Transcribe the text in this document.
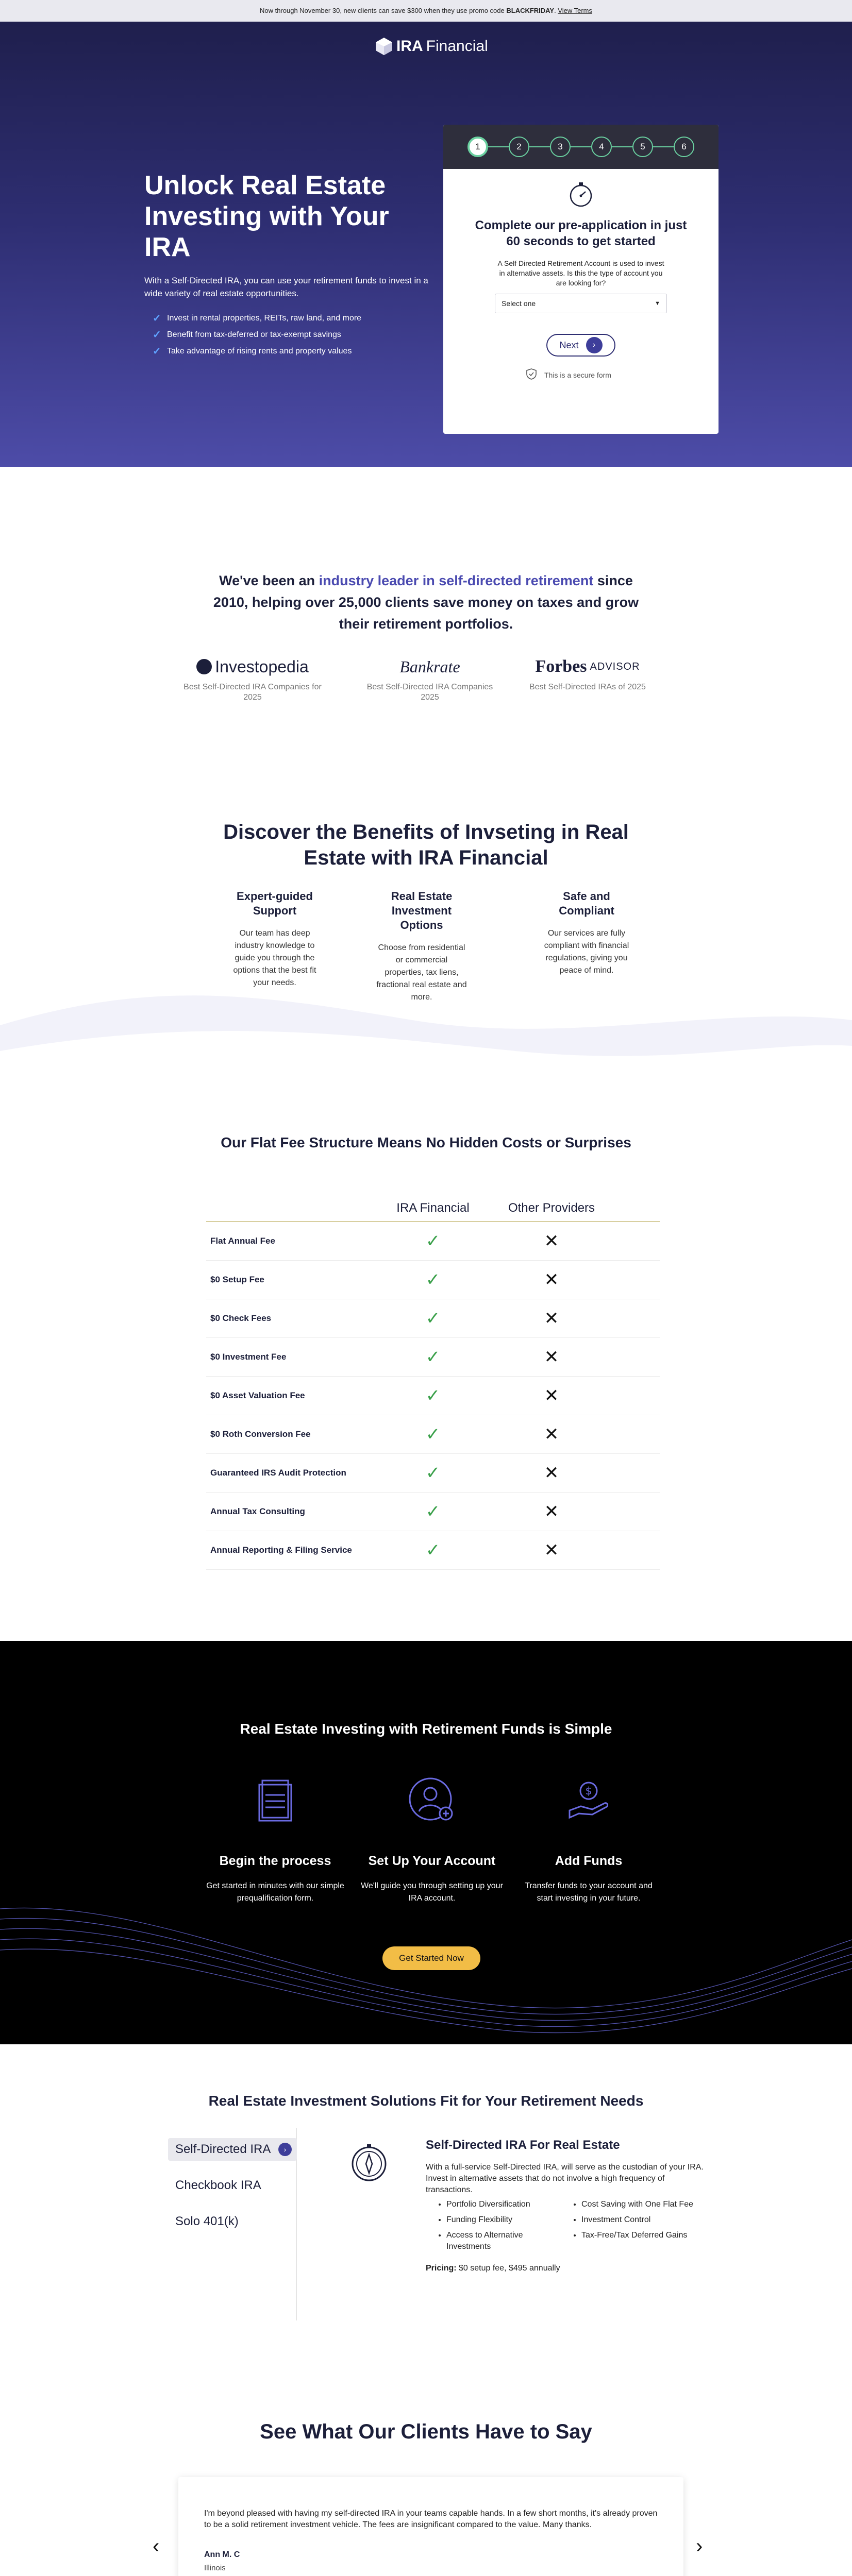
Now through November 30, new clients can save $300 when they use promo code BLACKFRIDAY. View Terms
IRA Financial
Unlock Real Estate Investing with Your IRA

With a Self-Directed IRA, you can use your retirement funds to invest in a wide variety of real estate opportunities.

✓ Invest in rental properties, REITs, raw land, and more
✓ Benefit from tax-deferred or tax-exempt savings
✓ Take advantage of rising rents and property values
1	2	3	4	5	6
Complete our pre-application in just 60 seconds to get started

A Self Directed Retirement Account is used to invest in alternative assets. Is this the type of account you are looking for?

Select one	▼
Next	›
This is a secure form

We've been an industry leader in self-directed retirement since 2010, helping over 25,000 clients save money on taxes and grow their retirement portfolios.

Investopedia

Best Self-Directed IRA Companies for 2025

Bankrate

Best Self-Directed IRA Companies 2025

Forbes ADVISOR

Best Self-Directed IRAs of 2025

Discover the Benefits of Invseting in Real Estate with IRA Financial
Expert-guided Support

Our team has deep industry knowledge to guide you through the options that the best fit your needs.

Real Estate Investment Options

Choose from residential or commercial properties, tax liens, fractional real estate and more.

Safe and Compliant

Our services are fully compliant with financial regulations, giving you peace of mind.

Our Flat Fee Structure Means No Hidden Costs or Surprises
IRA Financial	Other Providers
Flat Annual Fee	✓	✕
$0 Setup Fee	✓	✕
$0 Check Fees	✓	✕
$0 Investment Fee	✓	✕
$0 Asset Valuation Fee	✓	✕
$0 Roth Conversion Fee	✓	✕
Guaranteed IRS Audit Protection	✓	✕
Annual Tax Consulting	✓	✕
Annual Reporting & Filing Service	✓	✕
Real Estate Investing with Retirement Funds is Simple
Begin the process

Get started in minutes with our simple prequalification form.

Set Up Your Account

We'll guide you through setting up your IRA account.

$
Add Funds

Transfer funds to your account and start investing in your future.

Get Started Now
Real Estate Investment Solutions Fit for Your Retirement Needs
Self-Directed IRA	›
Checkbook IRA
Solo 401(k)
Self-Directed IRA For Real Estate

With a full-service Self-Directed IRA, will serve as the custodian of your IRA. Invest in alternative assets that do not involve a high frequency of transactions.

• Portfolio Diversification	• Cost Saving with One Flat Fee
• Funding Flexibility	• Investment Control
• Access to Alternative Investments
• Tax-Free/Tax Deferred Gains

Pricing: $0 setup fee, $495 annually

See What Our Clients Have to Say
‹

I'm beyond pleased with having my self-directed IRA in your teams capable hands. In a few short months, it's already proven to be a solid retirement investment vehicle. The fees are insignificant compared to the value. Many thanks.

Ann M. C
Illinois
›
